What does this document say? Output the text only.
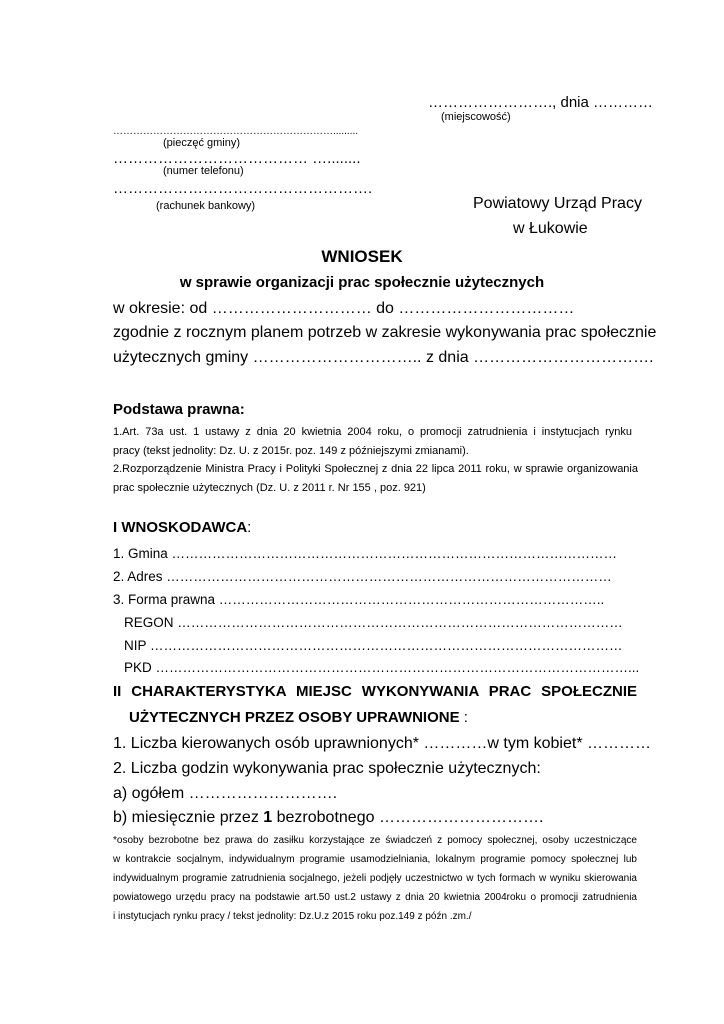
……………………., dnia …………
(miejscowość)
………………………………………………………….........
(pieczęć gminy)
………………………………… …........
(numer telefonu)
…………………………………………….
(rachunek bankowy)	Powiatowy Urząd Pracy
w Łukowie
WNIOSEK
w sprawie organizacji prac społecznie użytecznych
w okresie: od ………………………… do ……………………………
zgodnie z rocznym planem potrzeb w zakresie wykonywania prac społecznie
użytecznych gminy ………………………….. z dnia …………………………….
Podstawa prawna:
1.Art. 73a ust. 1 ustawy z dnia 20 kwietnia 2004 roku, o promocji zatrudnienia i instytucjach rynku
pracy (tekst jednolity: Dz. U. z 2015r. poz. 149 z późniejszymi zmianami).
2.Rozporządzenie Ministra Pracy i Polityki Społecznej z dnia 22 lipca 2011 roku, w sprawie organizowania
prac społecznie użytecznych (Dz. U. z 2011 r. Nr 155 , poz. 921)
I WNOSKODAWCA:
1. Gmina ………………………………………………………………………………………
2. Adres ………………………………………………………………………………………
3. Forma prawna …………………………………………………………………………..
REGON ………………………………………………………………………………………
NIP ……………………………………………………………………………………………
PKD ……………………………………………………………………………………………...
II CHARAKTERYSTYKA MIEJSC WYKONYWANIA PRAC SPOŁECZNIE
UŻYTECZNYCH PRZEZ OSOBY UPRAWNIONE :
1. Liczba kierowanych osób uprawnionych* …………w tym kobiet* …………
2. Liczba godzin wykonywania prac społecznie użytecznych:
a) ogółem ……………………….
b) miesięcznie przez 1 bezrobotnego ………………………….
*osoby bezrobotne bez prawa do zasiłku korzystające ze świadczeń z pomocy społecznej, osoby uczestniczące
w kontrakcie socjalnym, indywidualnym programie usamodzielniania, lokalnym programie pomocy społecznej lub
indywidualnym programie zatrudnienia socjalnego, jeżeli podjęły uczestnictwo w tych formach w wyniku skierowania
powiatowego urzędu pracy na podstawie art.50 ust.2 ustawy z dnia 20 kwietnia 2004roku o promocji zatrudnienia
i instytucjach rynku pracy / tekst jednolity: Dz.U.z 2015 roku poz.149 z późn .zm./
